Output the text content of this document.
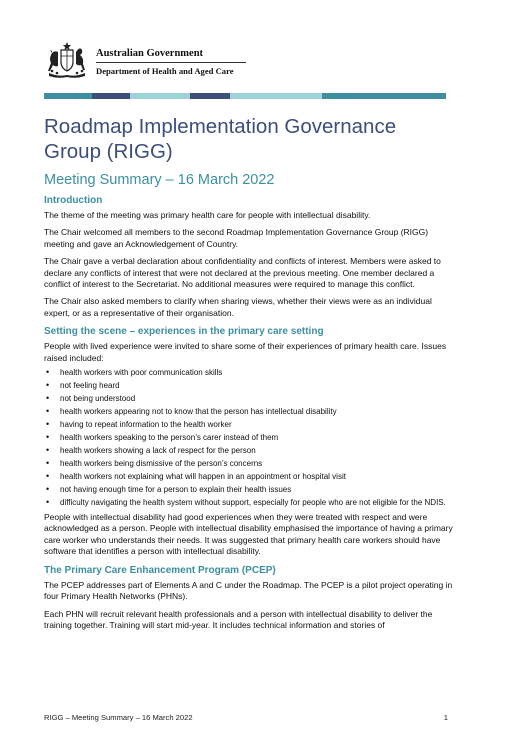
Australian Government
Department of Health and Aged Care
Roadmap Implementation Governance Group (RIGG)
Meeting Summary – 16 March 2022
Introduction

The theme of the meeting was primary health care for people with intellectual disability.

The Chair welcomed all members to the second Roadmap Implementation Governance Group (RIGG) meeting and gave an Acknowledgement of Country.

The Chair gave a verbal declaration about confidentiality and conflicts of interest. Members were asked to declare any conflicts of interest that were not declared at the previous meeting. One member declared a conflict of interest to the Secretariat. No additional measures were required to manage this conflict.

The Chair also asked members to clarify when sharing views, whether their views were as an individual expert, or as a representative of their organisation.

Setting the scene – experiences in the primary care setting

People with lived experience were invited to share some of their experiences of primary health care. Issues raised included:

• health workers with poor communication skills
• not feeling heard
• not being understood
• health workers appearing not to know that the person has intellectual disability
• having to repeat information to the health worker
• health workers speaking to the person’s carer instead of them
• health workers showing a lack of respect for the person
• health workers being dismissive of the person’s concerns
• health workers not explaining what will happen in an appointment or hospital visit
• not having enough time for a person to explain their health issues
• difficulty navigating the health system without support, especially for people who are not eligible for the NDIS.

People with intellectual disability had good experiences when they were treated with respect and were acknowledged as a person. People with intellectual disability emphasised the importance of having a primary care worker who understands their needs. It was suggested that primary health care workers should have software that identifies a person with intellectual disability.

The Primary Care Enhancement Program (PCEP)

The PCEP addresses part of Elements A and C under the Roadmap. The PCEP is a pilot project operating in four Primary Health Networks (PHNs).

Each PHN will recruit relevant health professionals and a person with intellectual disability to deliver the training together. Training will start mid-year. It includes technical information and stories of

RIGG – Meeting Summary – 16 March 2022	1
